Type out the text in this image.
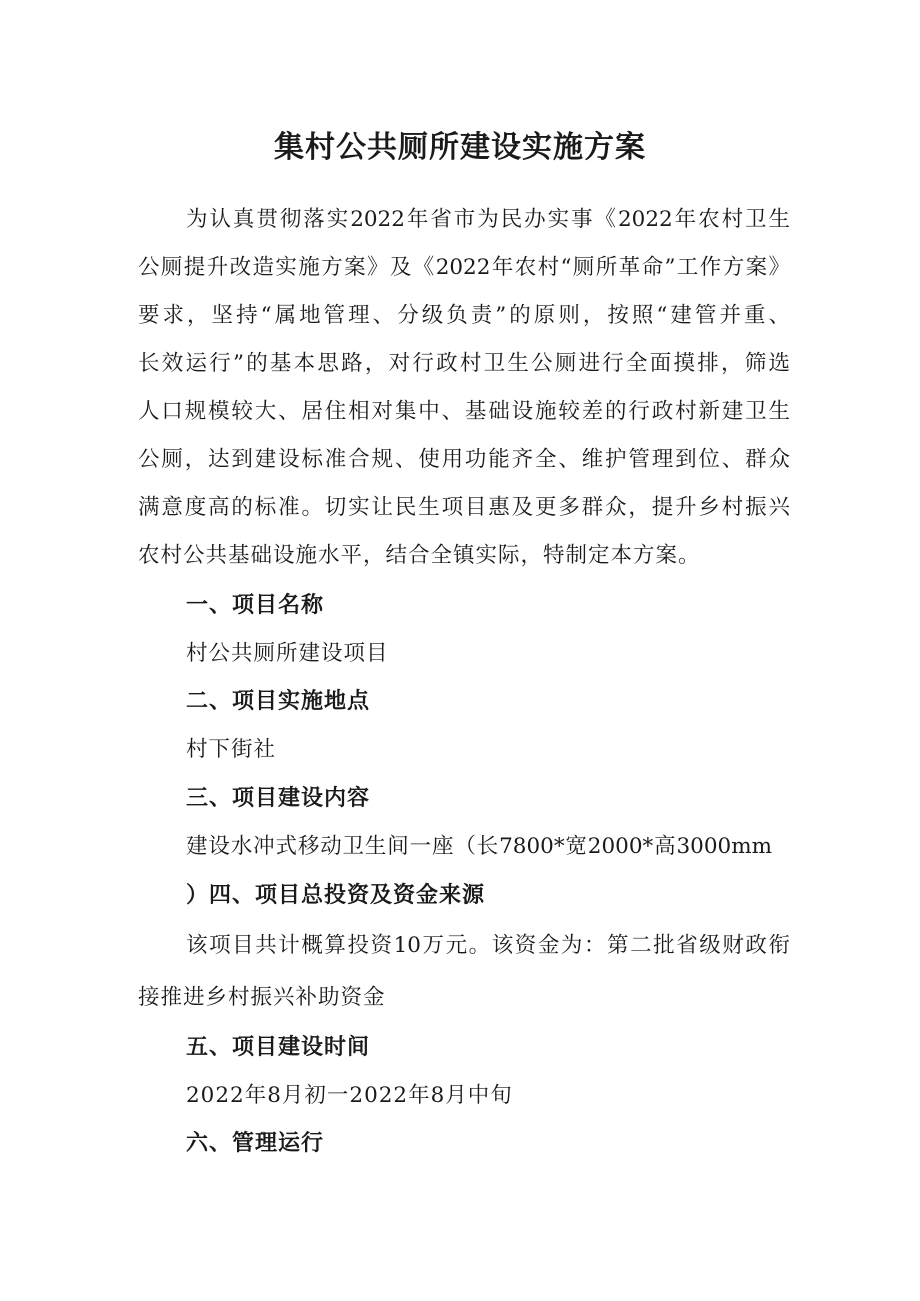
集村公共厕所建设实施方案

为认真贯彻落实2022年省市为民办实事《2022年农村卫生

公厕提升改造实施方案》及《2022年农村“厕所革命”工作方案》

要求，坚持“属地管理、分级负责”的原则，按照“建管并重、

长效运行”的基本思路，对行政村卫生公厕进行全面摸排，筛选

人口规模较大、居住相对集中、基础设施较差的行政村新建卫生

公厕，达到建设标准合规、使用功能齐全、维护管理到位、群众

满意度高的标准。切实让民生项目惠及更多群众，提升乡村振兴

农村公共基础设施水平，结合全镇实际，特制定本方案。

一、项目名称

村公共厕所建设项目

二、项目实施地点

村下街社

三、项目建设内容

建设水冲式移动卫生间一座（长7800*宽2000*高3000mm

）四、项目总投资及资金来源

该项目共计概算投资10万元。该资金为：第二批省级财政衔

接推进乡村振兴补助资金

五、项目建设时间

2022年8月初一2022年8月中旬

六、管理运行
